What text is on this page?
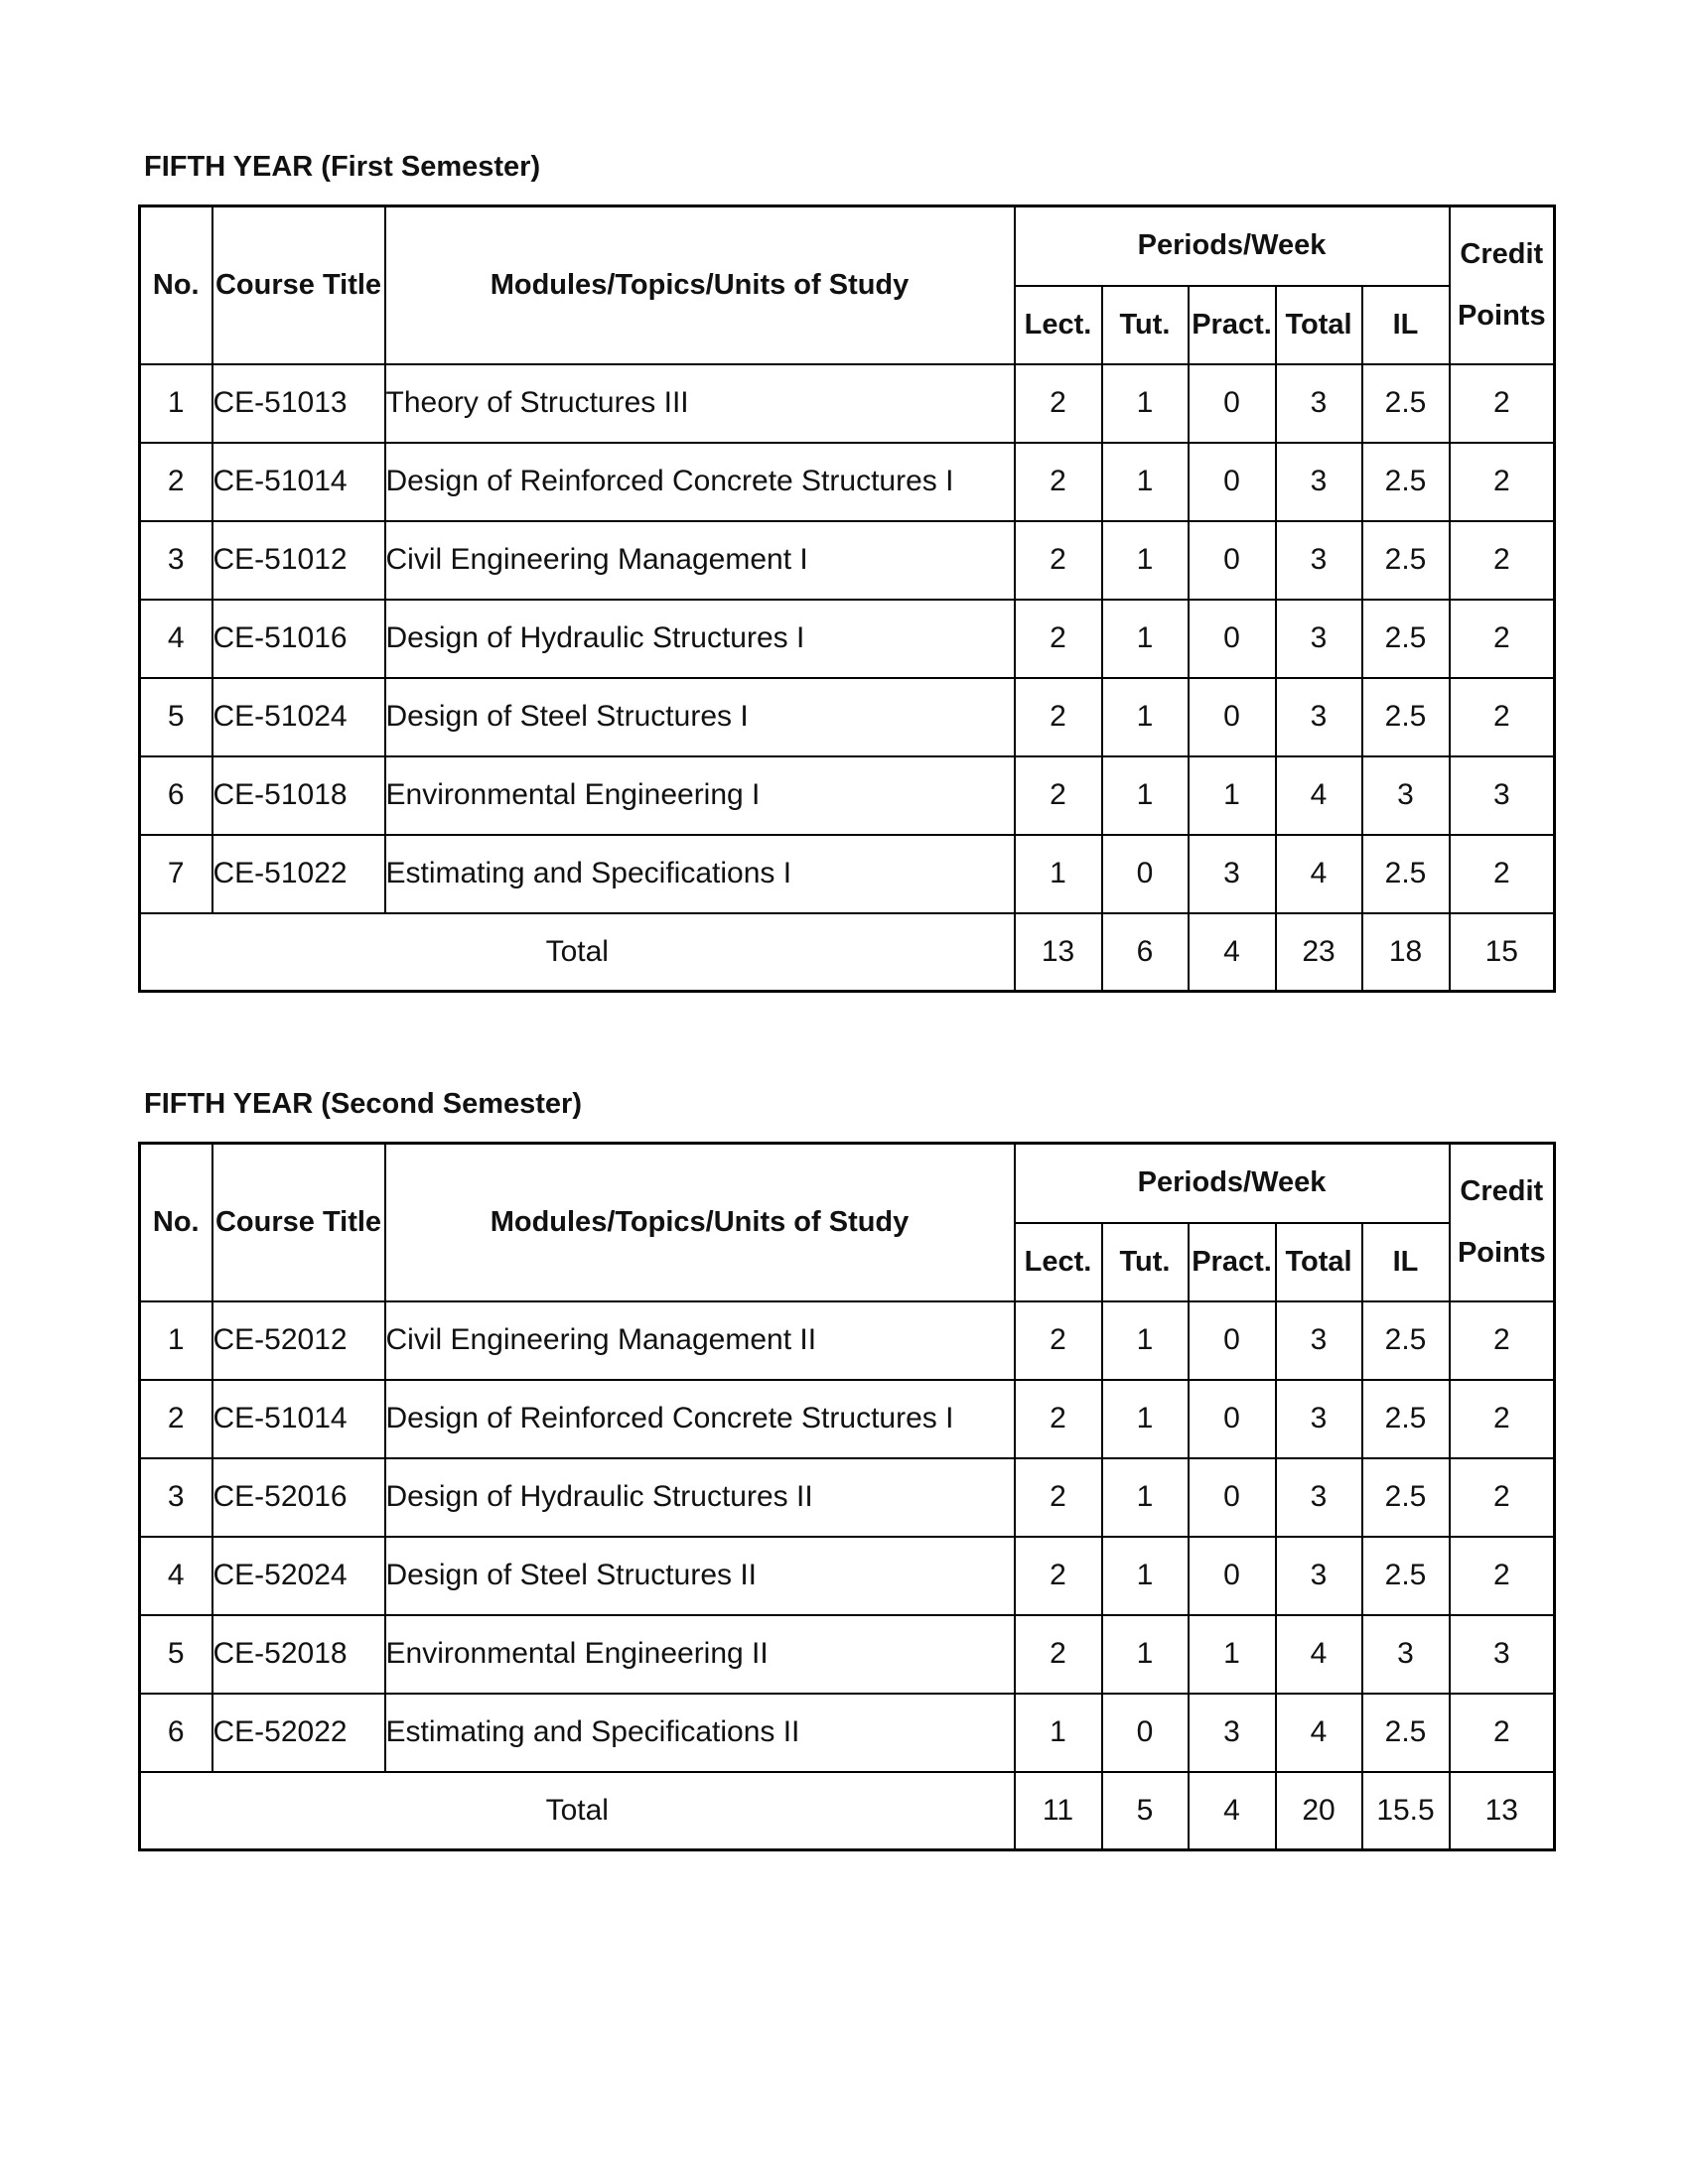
FIFTH YEAR (First Semester)
No.	Course Title	Modules/Topics/Units of Study	Periods/Week					Credit
Points

			Lect.	Tut.	Pract.	Total	IL	
1	CE-51013	Theory of Structures III	2	1	0	3	2.5	2
2	CE-51014	Design of Reinforced Concrete Structures I	2	1	0	3	2.5	2
3	CE-51012	Civil Engineering Management I	2	1	0	3	2.5	2
4	CE-51016	Design of Hydraulic Structures I	2	1	0	3	2.5	2
5	CE-51024	Design of Steel Structures I	2	1	0	3	2.5	2
6	CE-51018	Environmental Engineering I	2	1	1	4	3	3
7	CE-51022	Estimating and Specifications I	1	0	3	4	2.5	2
Total			13	6	4	23	18	15
FIFTH YEAR (Second Semester)
No.	Course Title	Modules/Topics/Units of Study	Periods/Week					Credit
Points

			Lect.	Tut.	Pract.	Total	IL	
1	CE-52012	Civil Engineering Management II	2	1	0	3	2.5	2
2	CE-51014	Design of Reinforced Concrete Structures I	2	1	0	3	2.5	2
3	CE-52016	Design of Hydraulic Structures II	2	1	0	3	2.5	2
4	CE-52024	Design of Steel Structures II	2	1	0	3	2.5	2
5	CE-52018	Environmental Engineering II	2	1	1	4	3	3
6	CE-52022	Estimating and Specifications II	1	0	3	4	2.5	2
Total			11	5	4	20	15.5	13
